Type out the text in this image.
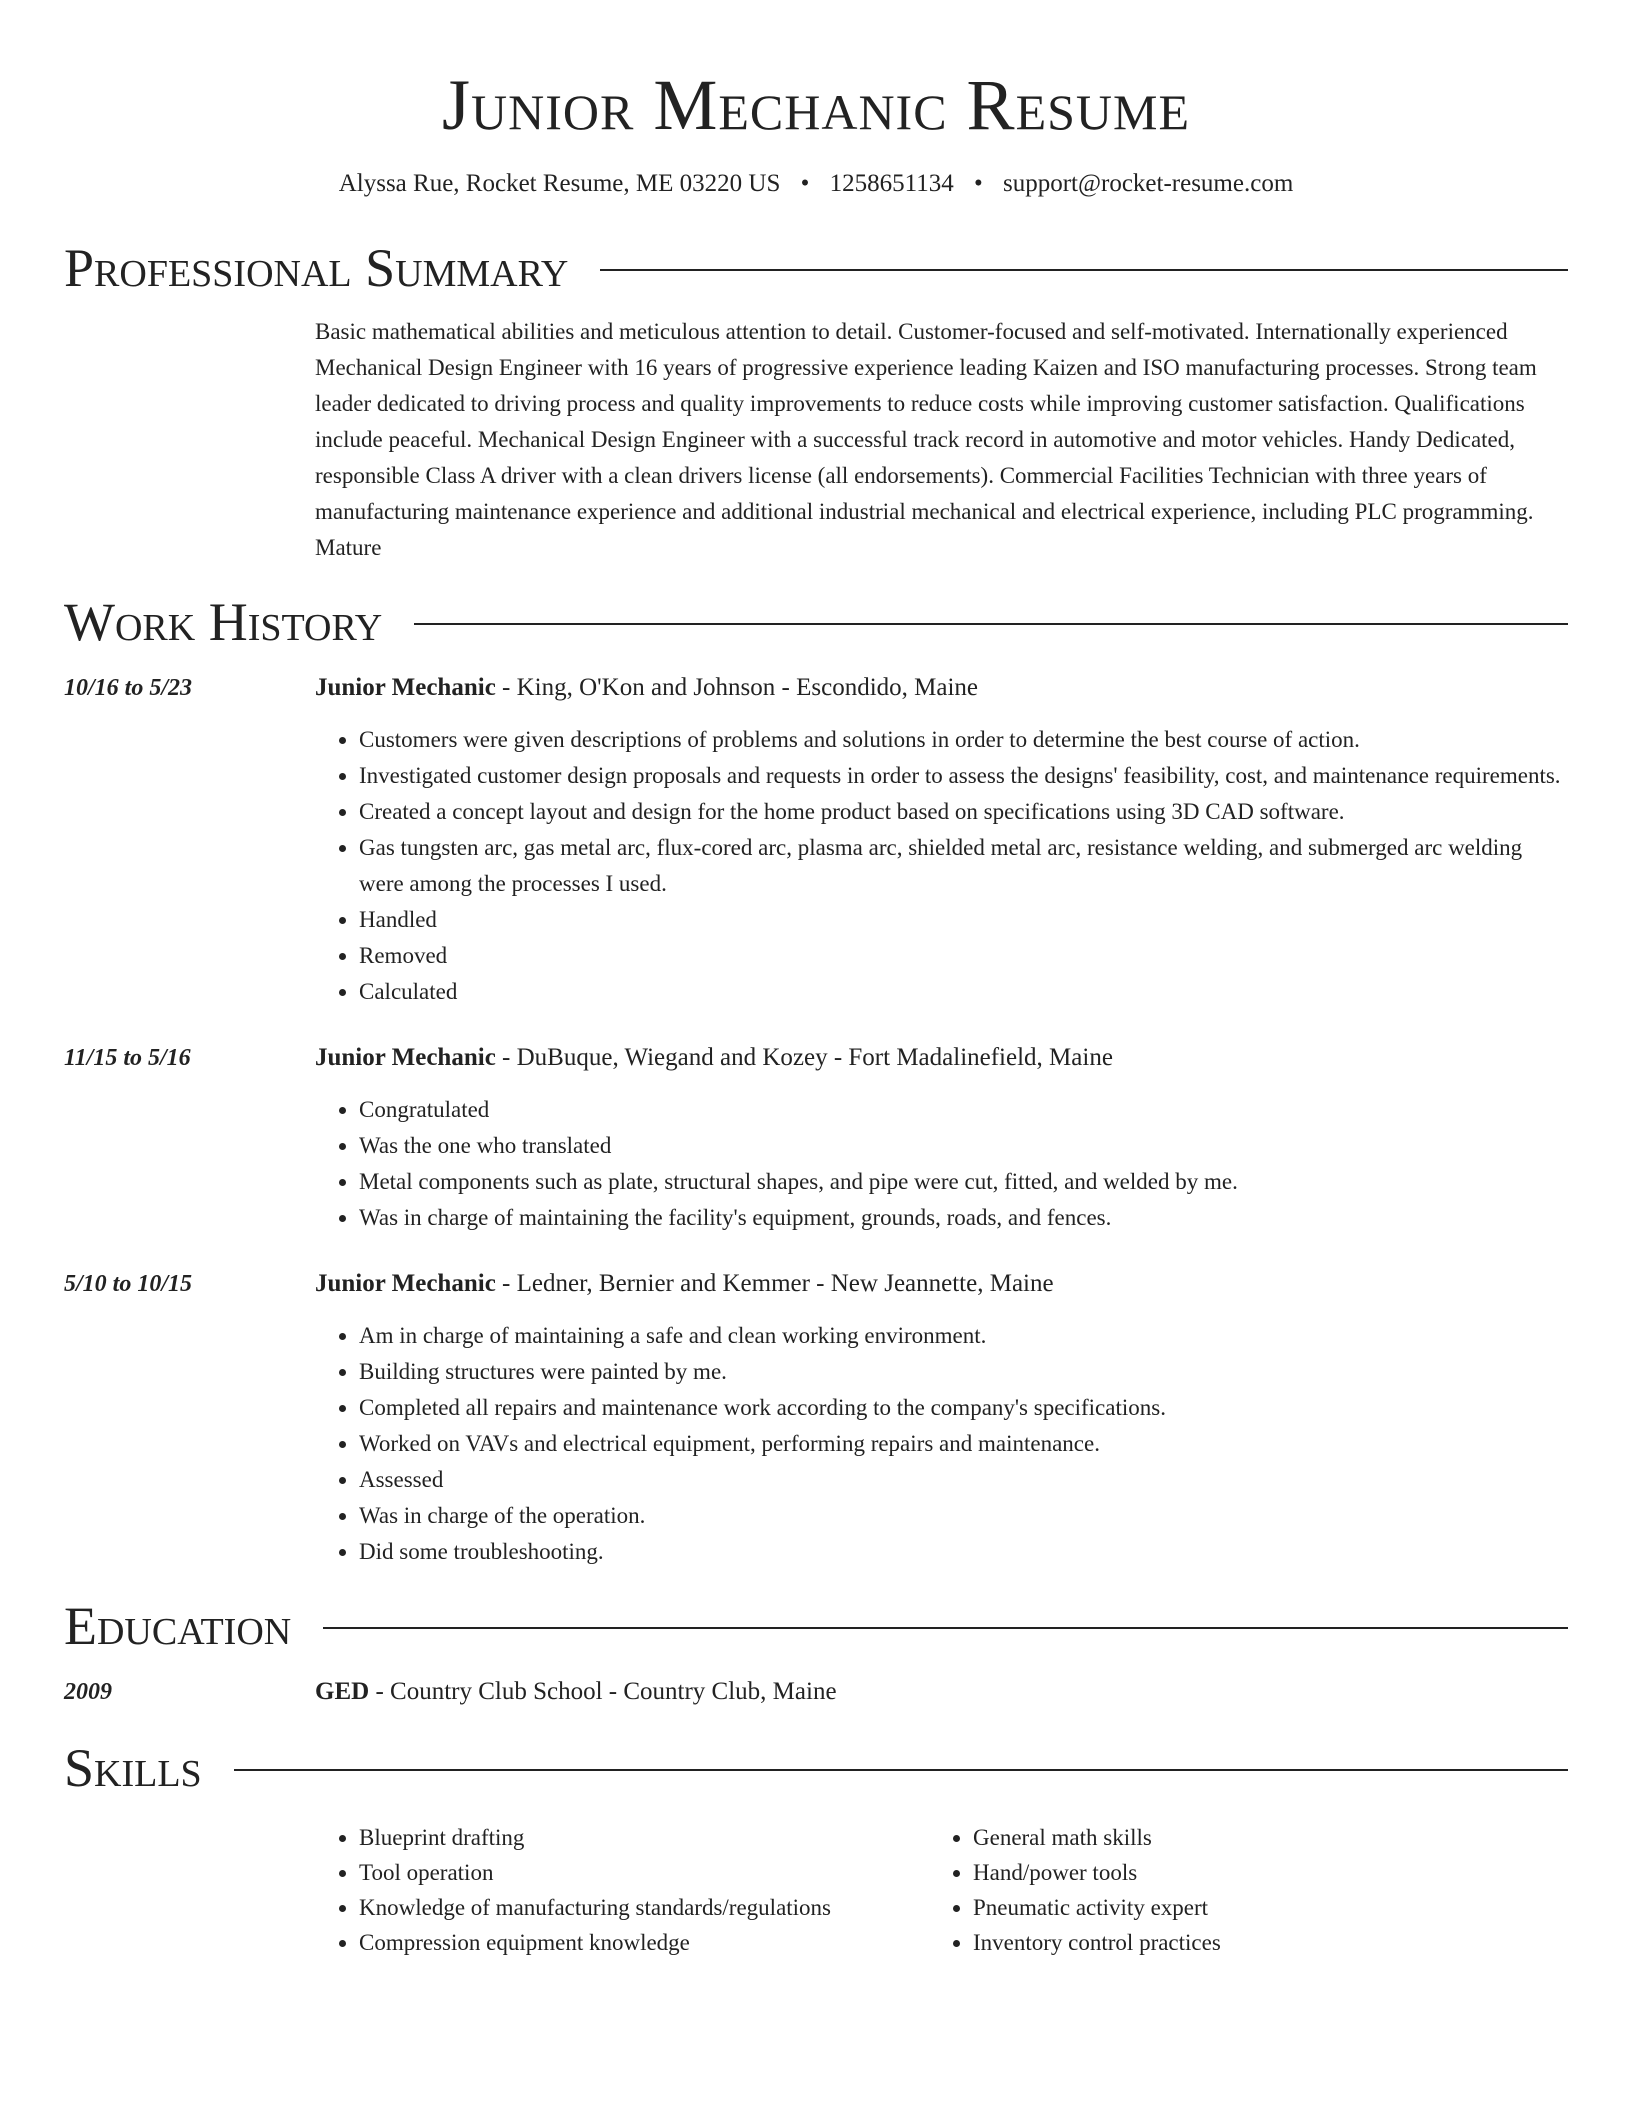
Junior Mechanic Resume
Alyssa Rue, Rocket Resume, ME 03220 US • 1258651134 • support@rocket-resume.com
Professional Summary
Basic mathematical abilities and meticulous attention to detail. Customer-focused and self-motivated. Internationally experienced Mechanical Design Engineer with 16 years of progressive experience leading Kaizen and ISO manufacturing processes. Strong team leader dedicated to driving process and quality improvements to reduce costs while improving customer satisfaction. Qualifications include peaceful. Mechanical Design Engineer with a successful track record in automotive and motor vehicles. Handy Dedicated, responsible Class A driver with a clean drivers license (all endorsements). Commercial Facilities Technician with three years of manufacturing maintenance experience and additional industrial mechanical and electrical experience, including PLC programming. Mature
Work History
10/16 to 5/23	Junior Mechanic - King, O'Kon and Johnson - Escondido, Maine
• Customers were given descriptions of problems and solutions in order to determine the best course of action.
• Investigated customer design proposals and requests in order to assess the designs' feasibility, cost, and maintenance requirements.
• Created a concept layout and design for the home product based on specifications using 3D CAD software.
• Gas tungsten arc, gas metal arc, flux-cored arc, plasma arc, shielded metal arc, resistance welding, and submerged arc welding were among the processes I used.
• Handled
• Removed
• Calculated
11/15 to 5/16	Junior Mechanic - DuBuque, Wiegand and Kozey - Fort Madalinefield, Maine
• Congratulated
• Was the one who translated
• Metal components such as plate, structural shapes, and pipe were cut, fitted, and welded by me.
• Was in charge of maintaining the facility's equipment, grounds, roads, and fences.
5/10 to 10/15	Junior Mechanic - Ledner, Bernier and Kemmer - New Jeannette, Maine
• Am in charge of maintaining a safe and clean working environment.
• Building structures were painted by me.
• Completed all repairs and maintenance work according to the company's specifications.
• Worked on VAVs and electrical equipment, performing repairs and maintenance.
• Assessed
• Was in charge of the operation.
• Did some troubleshooting.
Education
2009	GED - Country Club School - Country Club, Maine
Skills
• Blueprint drafting
• Tool operation
• Knowledge of manufacturing standards/regulations
• Compression equipment knowledge
• General math skills
• Hand/power tools
• Pneumatic activity expert
• Inventory control practices
